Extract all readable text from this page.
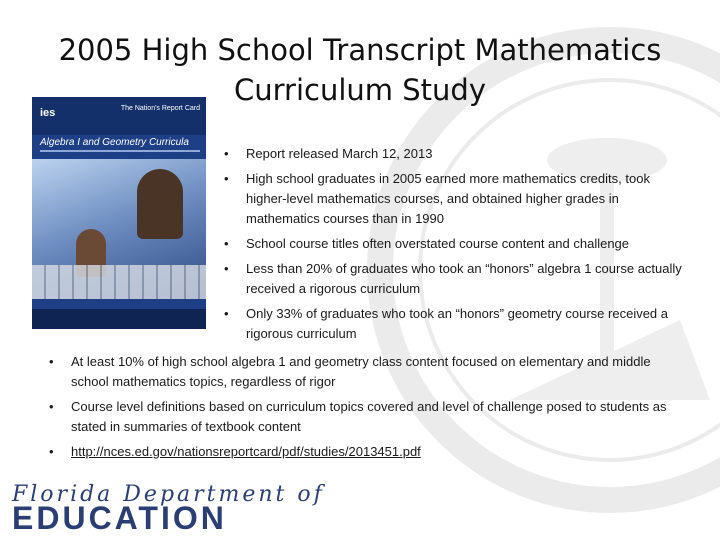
2005 High School Transcript Mathematics Curriculum Study
ies	The Nation's Report Card
Algebra I and Geometry Curricula
• Report released March 12, 2013
• High school graduates in 2005 earned more mathematics credits, took higher-level mathematics courses, and obtained higher grades in mathematics courses than in 1990
• School course titles often overstated course content and challenge
• Less than 20% of graduates who took an “honors” algebra 1 course actually received a rigorous curriculum
• Only 33% of graduates who took an “honors” geometry course received a rigorous curriculum
• At least 10% of high school algebra 1 and geometry class content focused on elementary and middle school mathematics topics, regardless of rigor
• Course level definitions based on curriculum topics covered and level of challenge posed to students as stated in summaries of textbook content
• http://nces.ed.gov/nationsreportcard/pdf/studies/2013451.pdf
Florida Department of
EDUCATION
